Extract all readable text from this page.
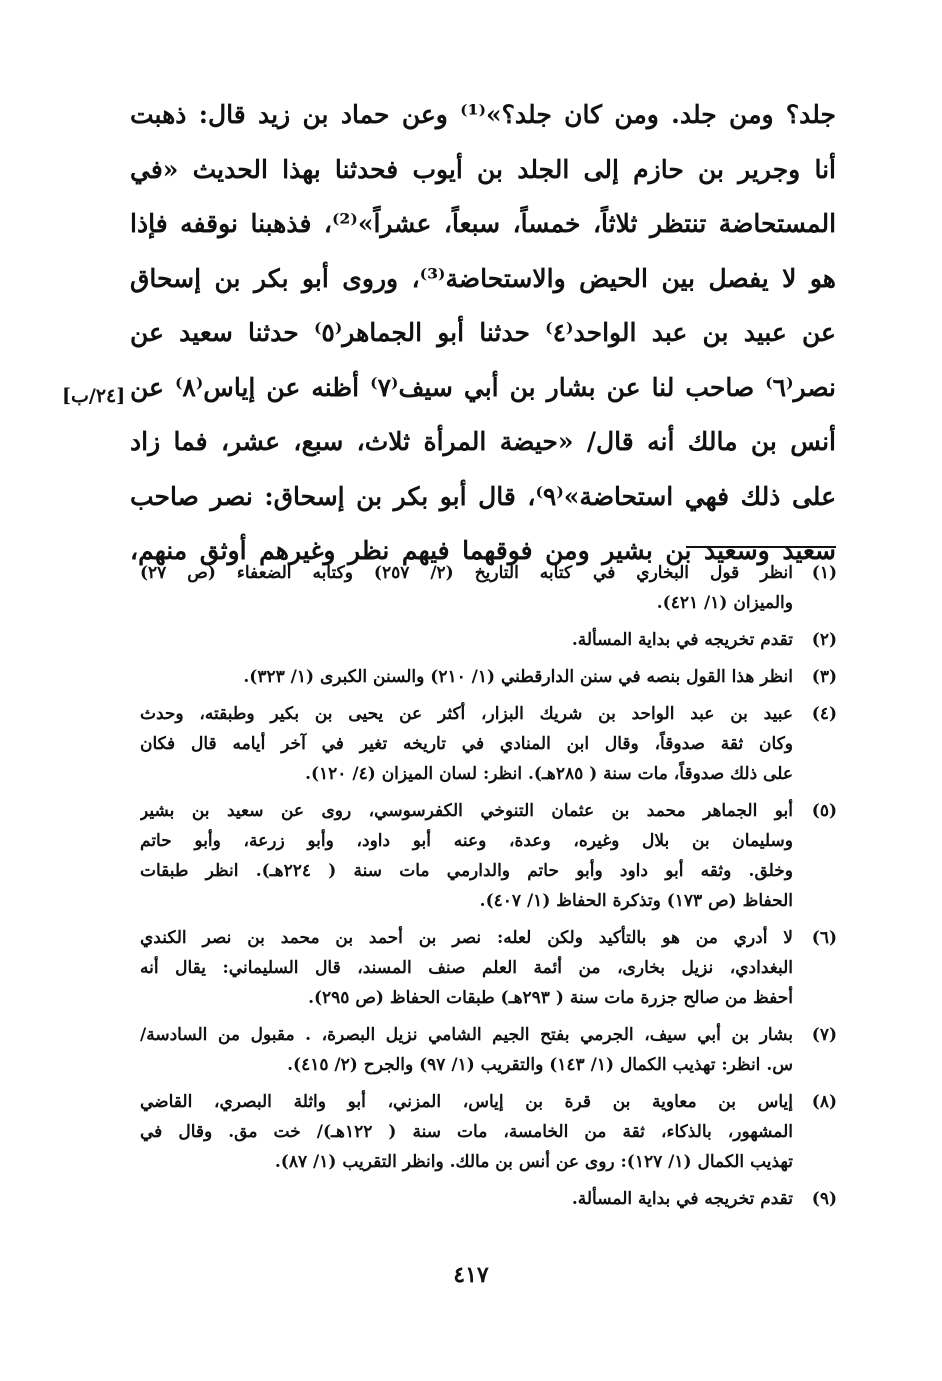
جلد؟ ومن جلد. ومن كان جلد؟»⁽¹⁾ وعن حماد بن زيد قال: ذهبت
أنا وجرير بن حازم إلى الجلد بن أيوب فحدثنا بهذا الحديث «في
المستحاضة تنتظر ثلاثاً، خمساً، سبعاً، عشراً»⁽²⁾، فذهبنا نوقفه فإذا
هو لا يفصل بين الحيض والاستحاضة⁽³⁾، وروى أبو بكر بن إسحاق
عن عبيد بن عبد الواحد⁽٤⁾ حدثنا أبو الجماهر⁽٥⁾ حدثنا سعيد عن
نصر⁽٦⁾ صاحب لنا عن بشار بن أبي سيف⁽٧⁾ أظنه عن إياس⁽٨⁾ عن
أنس بن مالك أنه قال/ «حيضة المرأة ثلاث، سبع، عشر، فما زاد
على ذلك فهي استحاضة»⁽٩⁾، قال أبو بكر بن إسحاق: نصر صاحب
سعيد وسعيد بن بشير ومن فوقهما فيهم نظر وغيرهم أوثق منهم،
[٢٤/ب]
(١)
انظر قول البخاري في كتابه التاريخ (٢/ ٢٥٧) وكتابه الضعفاء (ص ٢٧)
والميزان (١/ ٤٢١).
(٢)
تقدم تخريجه في بداية المسألة.
(٣)
انظر هذا القول بنصه في سنن الدارقطني (١/ ٢١٠) والسنن الكبرى (١/ ٣٢٣).
(٤)
عبيد بن عبد الواحد بن شريك البزار، أكثر عن يحيى بن بكير وطبقته، وحدث
وكان ثقة صدوقاً، وقال ابن المنادي في تاريخه تغير في آخر أيامه قال فكان
على ذلك صدوقاً، مات سنة ( ٢٨٥هـ). انظر: لسان الميزان (٤/ ١٢٠).
(٥)
أبو الجماهر محمد بن عثمان التنوخي الكفرسوسي، روى عن سعيد بن بشير
وسليمان بن بلال وغيره، وعدة، وعنه أبو داود، وأبو زرعة، وأبو حاتم
وخلق. وثقه أبو داود وأبو حاتم والدارمي مات سنة ( ٢٢٤هـ). انظر طبقات
الحفاظ (ص ١٧٣) وتذكرة الحفاظ (١/ ٤٠٧).
(٦)
لا أدري من هو بالتأكيد ولكن لعله: نصر بن أحمد بن محمد بن نصر الكندي
البغدادي، نزيل بخارى، من أئمة العلم صنف المسند، قال السليماني: يقال أنه
أحفظ من صالح جزرة مات سنة ( ٢٩٣هـ) طبقات الحفاظ (ص ٢٩٥).
(٧)
بشار بن أبي سيف، الجرمي بفتح الجيم الشامي نزيل البصرة، . مقبول من السادسة/
س. انظر: تهذيب الكمال (١/ ١٤٣) والتقريب (١/ ٩٧) والجرح (٢/ ٤١٥).
(٨)
إياس بن معاوية بن قرة بن إياس، المزني، أبو واثلة البصري، القاضي
المشهور، بالذكاء، ثقة من الخامسة، مات سنة ( ١٢٢هـ)/ خت مق. وقال في
تهذيب الكمال (١/ ١٢٧): روى عن أنس بن مالك. وانظر التقريب (١/ ٨٧).
(٩)
تقدم تخريجه في بداية المسألة.
٤١٧
